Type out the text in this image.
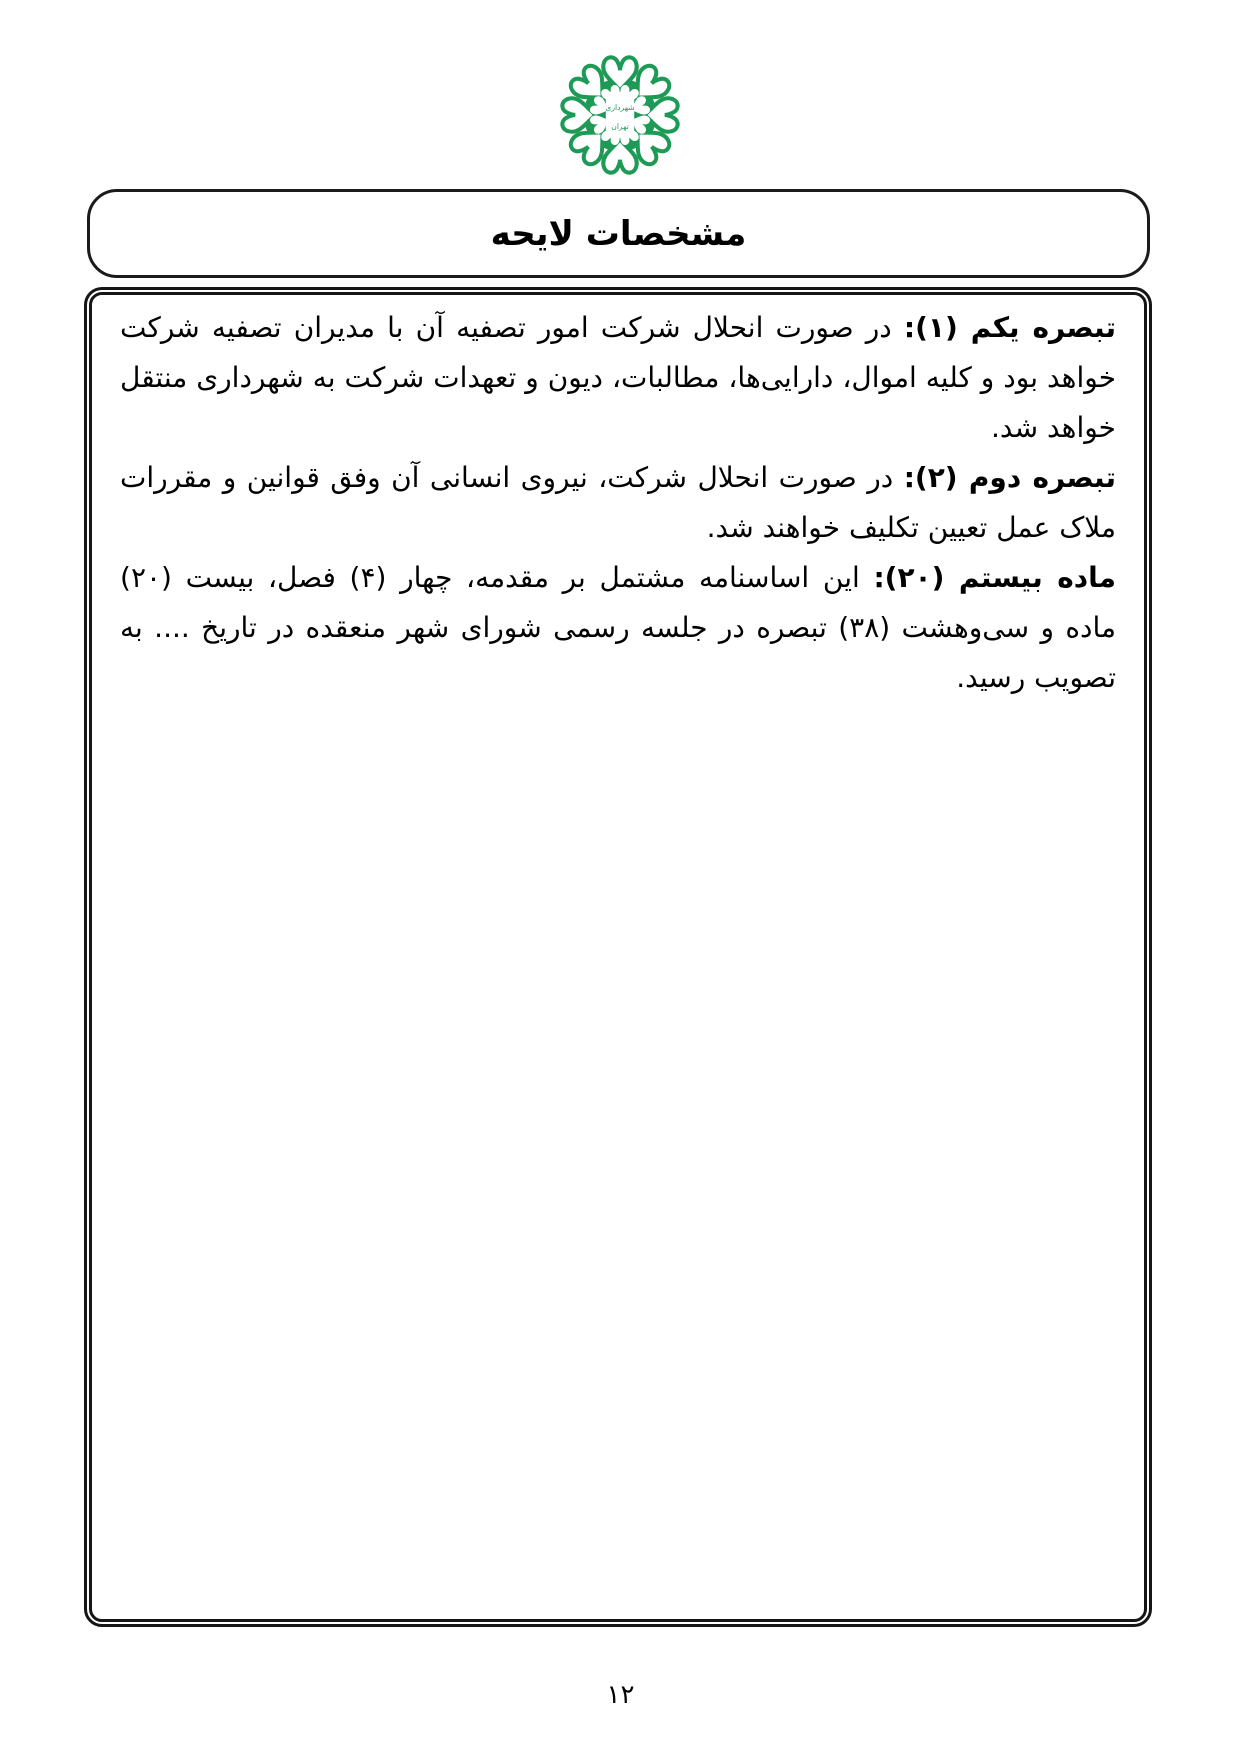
شهرداری
تهران
مشخصات لایحه

تبصره یکم (۱): در صورت انحلال شرکت امور تصفیه آن با مدیران تصفیه شرکت خواهد بود و کلیه اموال، دارایی‌ها، مطالبات، دیون و تعهدات شرکت به شهرداری منتقل خواهد شد.

تبصره دوم (۲): در صورت انحلال شرکت، نیروی انسانی آن وفق قوانین و مقررات ملاک عمل تعیین تکلیف خواهند شد.

ماده بیستم (۲۰): این اساسنامه مشتمل بر مقدمه، چهار (۴) فصل، بیست (۲۰) ماده و سی‌وهشت (۳۸) تبصره در جلسه رسمی شورای شهر منعقده در تاریخ .... به تصویب رسید.

۱۲
